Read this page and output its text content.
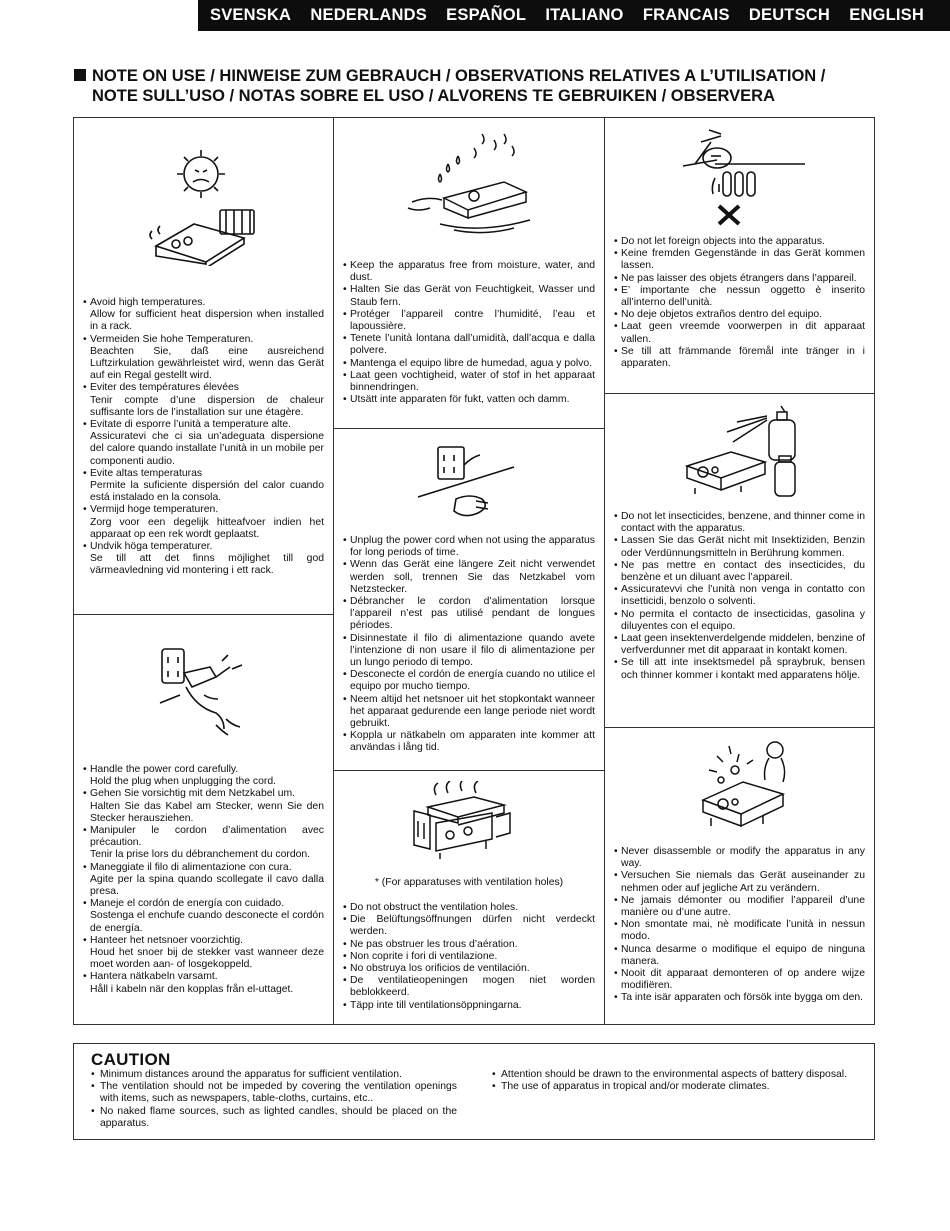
SVENSKA NEDERLANDS ESPAÑOL ITALIANO FRANCAIS DEUTSCH ENGLISH
NOTE ON USE / HINWEISE ZUM GEBRAUCH / OBSERVATIONS RELATIVES A L’UTILISATION /
NOTE SULL’USO / NOTAS SOBRE EL USO / ALVORENS TE GEBRUIKEN / OBSERVERA
• Avoid high temperatures.
Allow for sufficient heat dispersion when installed in a rack.
• Vermeiden Sie hohe Temperaturen.
Beachten Sie, daß eine ausreichend Luftzirkulation gewährleistet wird, wenn das Gerät auf ein Regal gestellt wird.
• Eviter des températures élevées
Tenir compte d’une dispersion de chaleur suffisante lors de l’installation sur une étagère.
• Evitate di esporre l’unità a temperature alte.
Assicuratevi che ci sia un’adeguata dispersione del calore quando installate l’unità in un mobile per componenti audio.
• Evite altas temperaturas
Permite la suficiente dispersión del calor cuando está instalado en la consola.
• Vermijd hoge temperaturen.
Zorg voor een degelijk hitteafvoer indien het apparaat op een rek wordt geplaatst.
• Undvik höga temperaturer.
Se till att det finns möjlighet till god värmeavledning vid montering i ett rack.
• Handle the power cord carefully.
Hold the plug when unplugging the cord.
• Gehen Sie vorsichtig mit dem Netzkabel um.
Halten Sie das Kabel am Stecker, wenn Sie den Stecker herausziehen.
• Manipuler le cordon d’alimentation avec précaution.
Tenir la prise lors du débranchement du cordon.
• Maneggiate il filo di alimentazione con cura.
Agite per la spina quando scollegate il cavo dalla presa.
• Maneje el cordón de energía con cuidado.
Sostenga el enchufe cuando desconecte el cordón de energía.
• Hanteer het netsnoer voorzichtig.
Houd het snoer bij de stekker vast wanneer deze moet worden aan- of losgekoppeld.
• Hantera nätkabeln varsamt.
Håll i kabeln när den kopplas från el-uttaget.
• Keep the apparatus free from moisture, water, and dust.
• Halten Sie das Gerät von Feuchtigkeit, Wasser und Staub fern.
• Protéger l’appareil contre l’humidité, l’eau et lapoussière.
• Tenete l’unità lontana dall’umidità, dall’acqua e dalla polvere.
• Mantenga el equipo libre de humedad, agua y polvo.
• Laat geen vochtigheid, water of stof in het apparaat binnendringen.
• Utsätt inte apparaten för fukt, vatten och damm.
• Unplug the power cord when not using the apparatus for long periods of time.
• Wenn das Gerät eine längere Zeit nicht verwendet werden soll, trennen Sie das Netzkabel vom Netzstecker.
• Débrancher le cordon d’alimentation lorsque l’appareil n’est pas utilisé pendant de longues périodes.
• Disinnestate il filo di alimentazione quando avete l’intenzione di non usare il filo di alimentazione per un lungo periodo di tempo.
• Desconecte el cordón de energía cuando no utilice el equipo por mucho tiempo.
• Neem altijd het netsnoer uit het stopkontakt wanneer het apparaat gedurende een lange periode niet wordt gebruikt.
• Koppla ur nätkabeln om apparaten inte kommer att användas i lång tid.
* (For apparatuses with ventilation holes)
• Do not obstruct the ventilation holes.
• Die Belüftungsöffnungen dürfen nicht verdeckt werden.
• Ne pas obstruer les trous d’aération.
• Non coprite i fori di ventilazione.
• No obstruya los orificios de ventilación.
• De ventilatieopeningen mogen niet worden beblokkeerd.
• Täpp inte till ventilationsöppningarna.
• Do not let foreign objects into the apparatus.
• Keine fremden Gegenstände in das Gerät kommen lassen.
• Ne pas laisser des objets étrangers dans l’appareil.
• E’ importante che nessun oggetto è inserito all’interno dell’unità.
• No deje objetos extraños dentro del equipo.
• Laat geen vreemde voorwerpen in dit apparaat vallen.
• Se till att främmande föremål inte tränger in i apparaten.
• Do not let insecticides, benzene, and thinner come in contact with the apparatus.
• Lassen Sie das Gerät nicht mit Insektiziden, Benzin oder Verdünnungsmitteln in Berührung kommen.
• Ne pas mettre en contact des insecticides, du benzène et un diluant avec l’appareil.
• Assicuratevvi che l’unità non venga in contatto con insetticidi, benzolo o solventi.
• No permita el contacto de insecticidas, gasolina y diluyentes con el equipo.
• Laat geen insektenverdelgende middelen, benzine of verfverdunner met dit apparaat in kontakt komen.
• Se till att inte insektsmedel på spraybruk, bensen och thinner kommer i kontakt med apparatens hölje.
• Never disassemble or modify the apparatus in any way.
• Versuchen Sie niemals das Gerät auseinander zu nehmen oder auf jegliche Art zu verändern.
• Ne jamais démonter ou modifier l’appareil d’une manière ou d’une autre.
• Non smontate mai, nè modificate l’unità in nessun modo.
• Nunca desarme o modifique el equipo de ninguna manera.
• Nooit dit apparaat demonteren of op andere wijze modifiëren.
• Ta inte isär apparaten och försök inte bygga om den.
CAUTION
• Minimum distances around the apparatus for sufficient ventilation.
• The ventilation should not be impeded by covering the ventilation openings with items, such as newspapers, table-cloths, curtains, etc..
• No naked flame sources, such as lighted candles, should be placed on the apparatus.
• Attention should be drawn to the environmental aspects of battery disposal.
• The use of apparatus in tropical and/or moderate climates.
